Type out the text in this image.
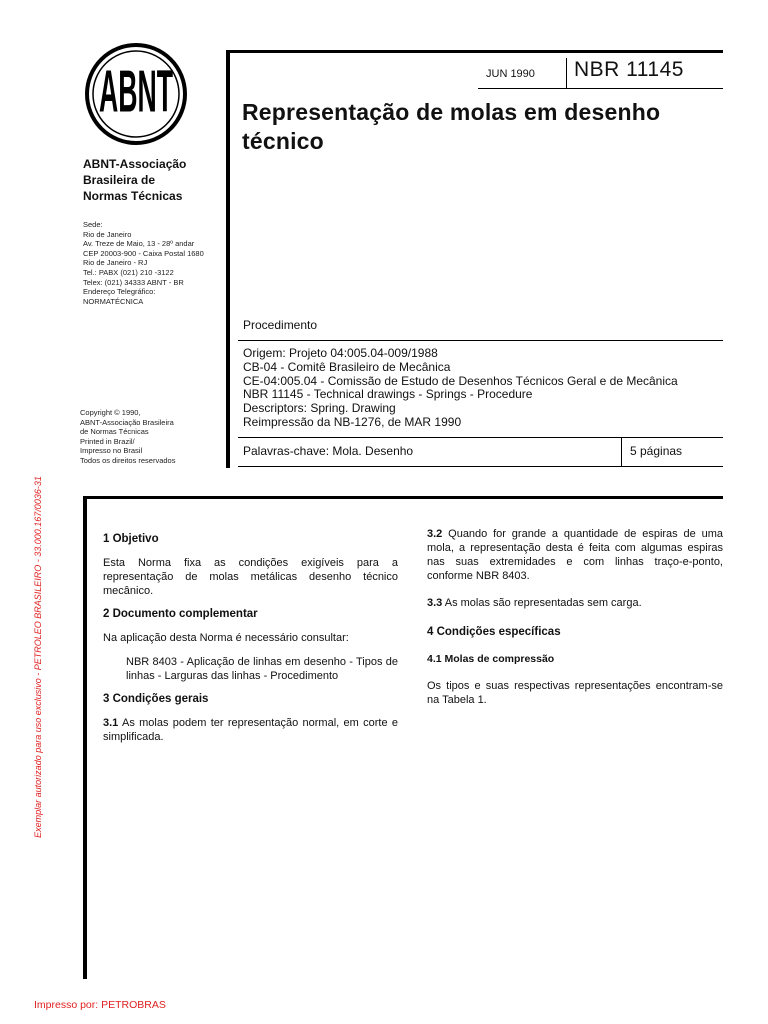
ABNT
ABNT-Associação
Brasileira de
Normas Técnicas
Sede:
Rio de Janeiro
Av. Treze de Maio, 13 - 28º andar
CEP 20003-900 - Caixa Postal 1680
Rio de Janeiro - RJ
Tel.: PABX (021) 210 -3122
Telex: (021) 34333 ABNT - BR
Endereço Telegráfico:
NORMATÉCNICA
Copyright © 1990,
ABNT-Associação Brasileira
de Normas Técnicas
Printed in Brazil/
Impresso no Brasil
Todos os direitos reservados
JUN 1990 NBR 11145
Representação de molas em desenho
técnico
Procedimento
Origem: Projeto 04:005.04-009/1988
CB-04 - Comitê Brasileiro de Mecânica
CE-04:005.04 - Comissão de Estudo de Desenhos Técnicos Geral e de Mecânica
NBR 11145 - Technical drawings - Springs - Procedure
Descriptors: Spring. Drawing
Reimpressão da NB-1276, de MAR 1990
Palavras-chave: Mola. Desenho	5 páginas
Exemplar autorizado para uso exclusivo - PETROLEO BRASILEIRO - 33.000.167/0036-31
Impresso por: PETROBRAS

1 Objetivo

Esta Norma fixa as condições exigíveis para a representação de molas metálicas desenho técnico mecânico.

2 Documento complementar

Na aplicação desta Norma é necessário consultar:

NBR 8403 - Aplicação de linhas em desenho - Tipos de linhas - Larguras das linhas - Procedimento

3 Condições gerais

3.1 As molas podem ter representação normal, em corte e simplificada.

3.2 Quando for grande a quantidade de espiras de uma mola, a representação desta é feita com algumas espiras nas suas extremidades e com linhas traço-e-ponto, conforme NBR 8403.

3.3 As molas são representadas sem carga.

4 Condições específicas

4.1 Molas de compressão

Os tipos e suas respectivas representações encontram-se na Tabela 1.
